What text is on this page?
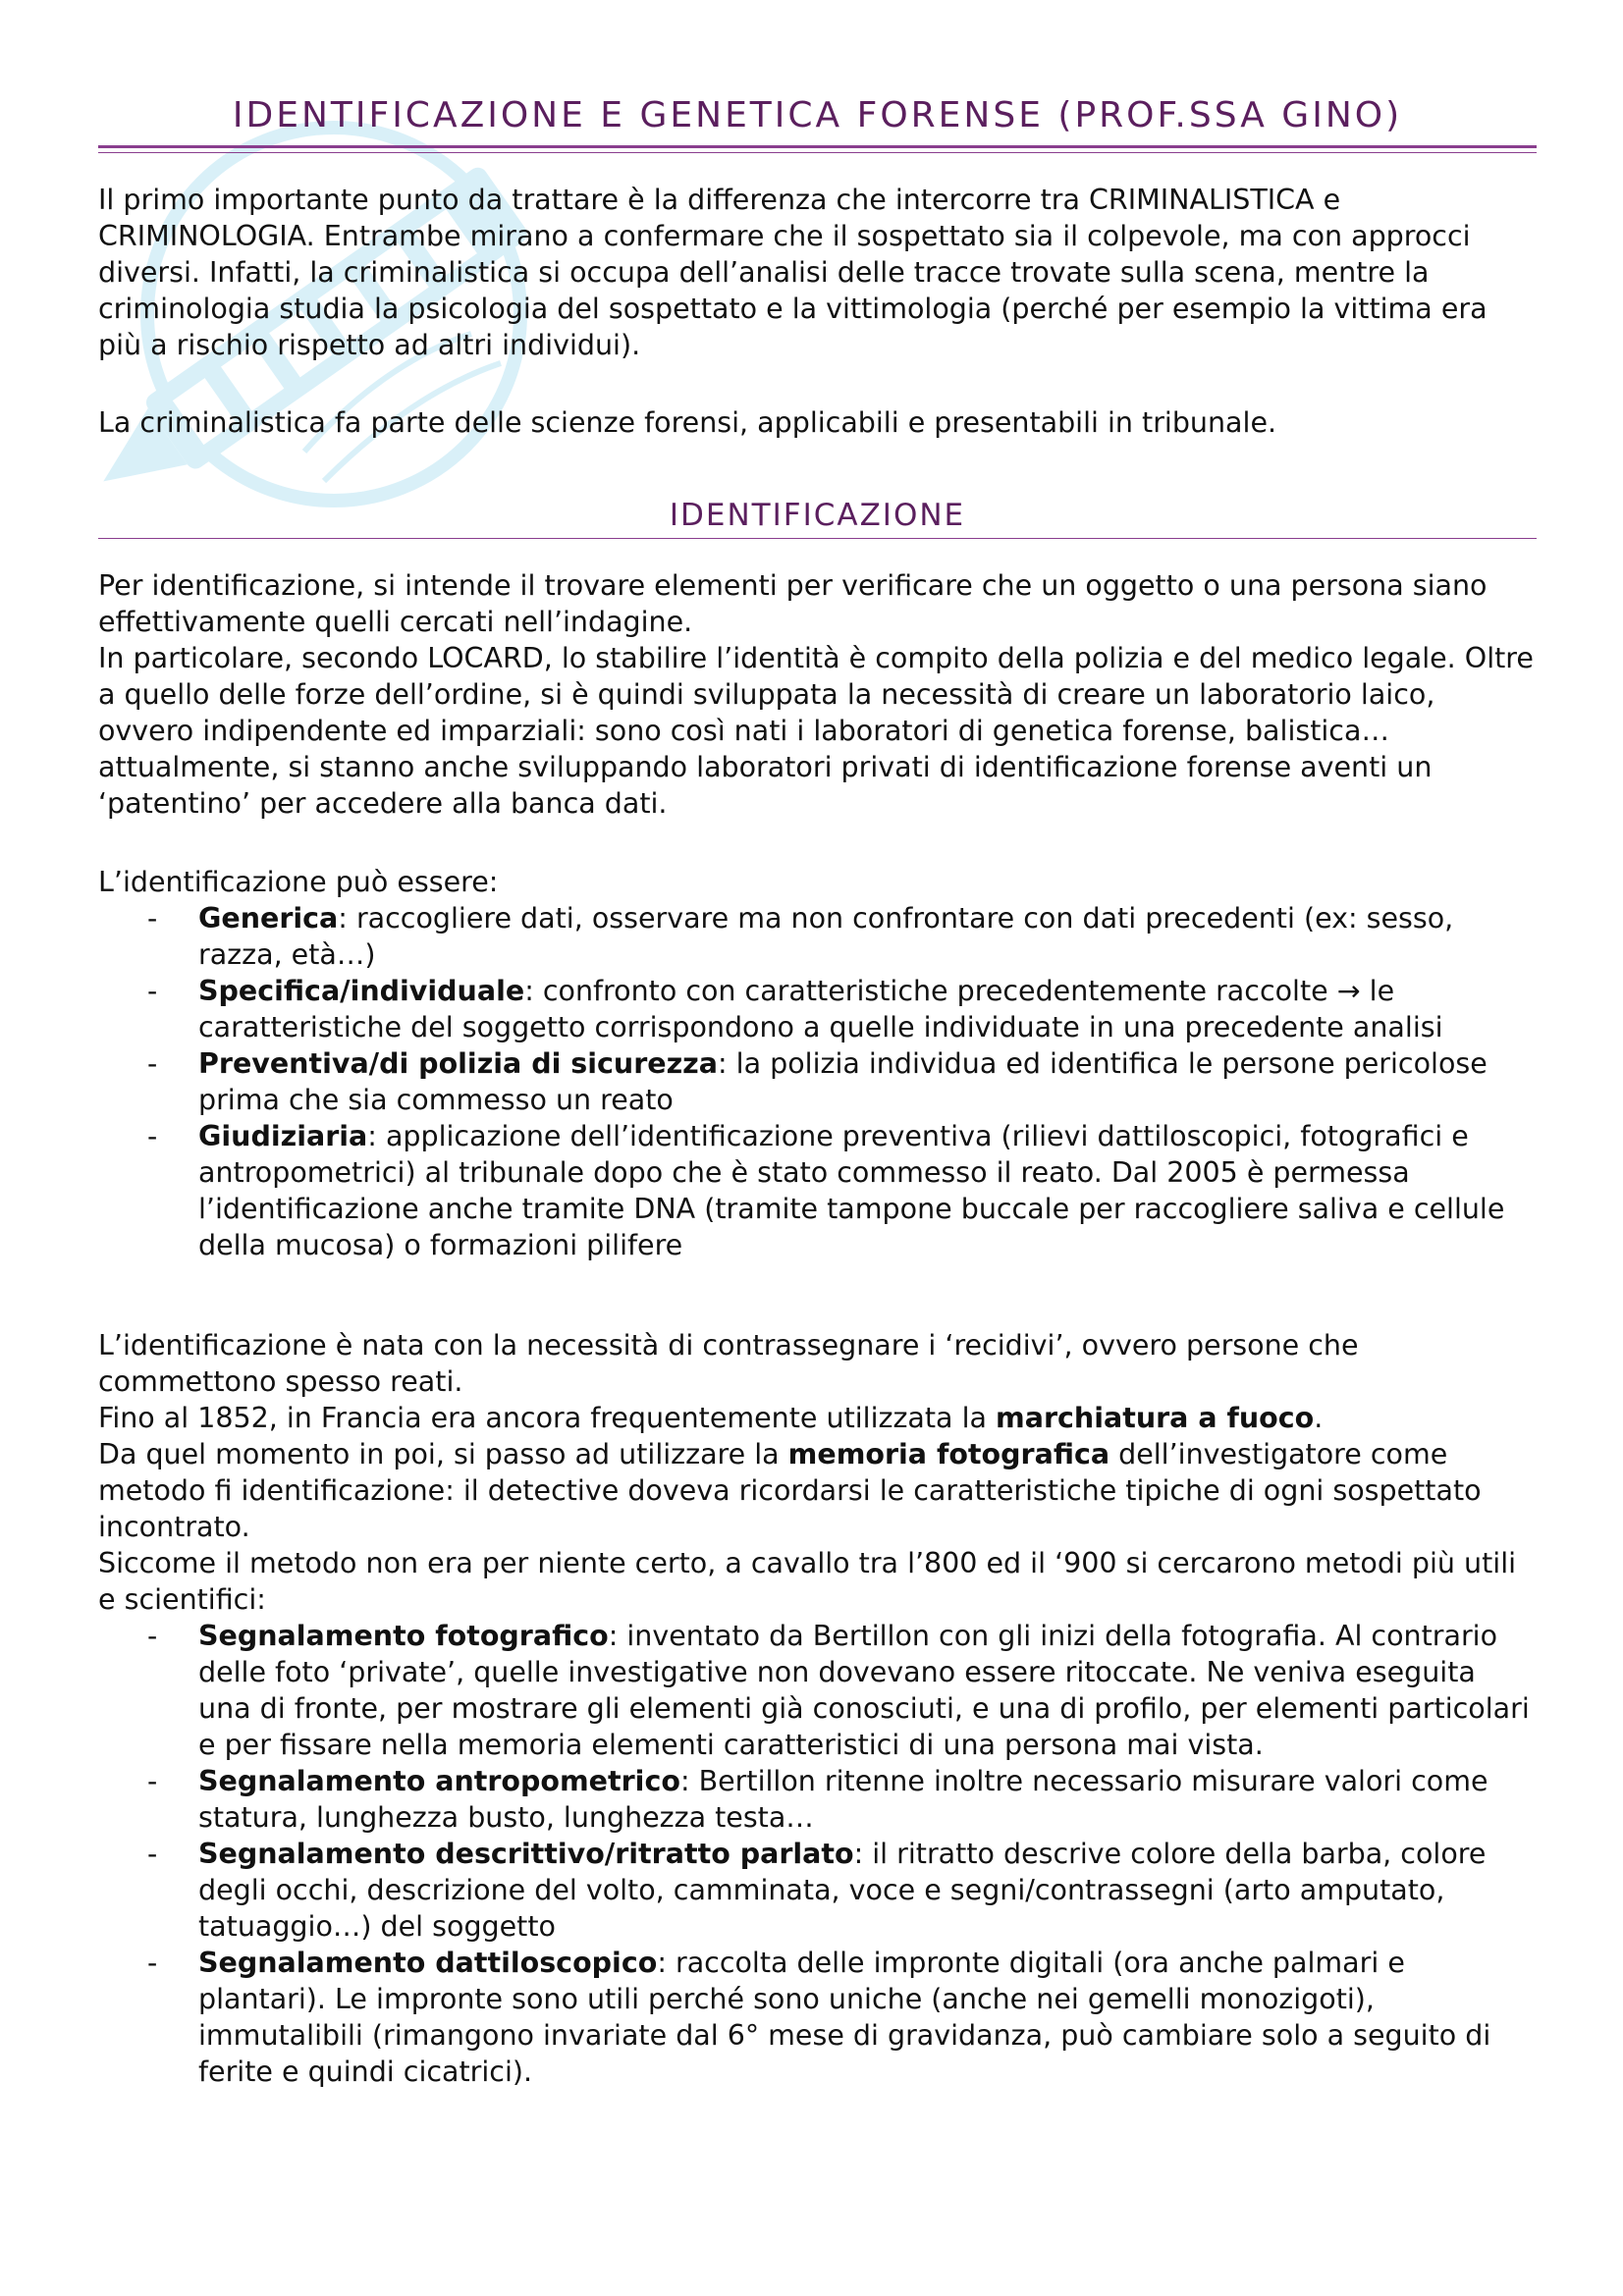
IDENTIFICAZIONE E GENETICA FORENSE (PROF.SSA GINO)

Il primo importante punto da trattare è la differenza che intercorre tra CRIMINALISTICA e CRIMINOLOGIA. Entrambe mirano a confermare che il sospettato sia il colpevole, ma con approcci diversi. Infatti, la criminalistica si occupa dell’analisi delle tracce trovate sulla scena, mentre la criminologia studia la psicologia del sospettato e la vittimologia (perché per esempio la vittima era più a rischio rispetto ad altri individui).

La criminalistica fa parte delle scienze forensi, applicabili e presentabili in tribunale.

IDENTIFICAZIONE

Per identificazione, si intende il trovare elementi per verificare che un oggetto o una persona siano effettivamente quelli cercati nell’indagine.

In particolare, secondo LOCARD, lo stabilire l’identità è compito della polizia e del medico legale. Oltre a quello delle forze dell’ordine, si è quindi sviluppata la necessità di creare un laboratorio laico, ovvero indipendente ed imparziali: sono così nati i laboratori di genetica forense, balistica… attualmente, si stanno anche sviluppando laboratori privati di identificazione forense aventi un ‘patentino’ per accedere alla banca dati.

L’identificazione può essere:

- Generica: raccogliere dati, osservare ma non confrontare con dati precedenti (ex: sesso, razza, età…)
- Specifica/individuale: confronto con caratteristiche precedentemente raccolte → le caratteristiche del soggetto corrispondono a quelle individuate in una precedente analisi
- Preventiva/di polizia di sicurezza: la polizia individua ed identifica le persone pericolose prima che sia commesso un reato
- Giudiziaria: applicazione dell’identificazione preventiva (rilievi dattiloscopici, fotografici e antropometrici) al tribunale dopo che è stato commesso il reato. Dal 2005 è permessa l’identificazione anche tramite DNA (tramite tampone buccale per raccogliere saliva e cellule della mucosa) o formazioni pilifere

L’identificazione è nata con la necessità di contrassegnare i ‘recidivi’, ovvero persone che commettono spesso reati.

Fino al 1852, in Francia era ancora frequentemente utilizzata la marchiatura a fuoco.

Da quel momento in poi, si passo ad utilizzare la memoria fotografica dell’investigatore come metodo fi identificazione: il detective doveva ricordarsi le caratteristiche tipiche di ogni sospettato incontrato.

Siccome il metodo non era per niente certo, a cavallo tra l’800 ed il ‘900 si cercarono metodi più utili e scientifici:

- Segnalamento fotografico: inventato da Bertillon con gli inizi della fotografia. Al contrario delle foto ‘private’, quelle investigative non dovevano essere ritoccate. Ne veniva eseguita una di fronte, per mostrare gli elementi già conosciuti, e una di profilo, per elementi particolari e per fissare nella memoria elementi caratteristici di una persona mai vista.
- Segnalamento antropometrico: Bertillon ritenne inoltre necessario misurare valori come statura, lunghezza busto, lunghezza testa…
- Segnalamento descrittivo/ritratto parlato: il ritratto descrive colore della barba, colore degli occhi, descrizione del volto, camminata, voce e segni/contrassegni (arto amputato, tatuaggio…) del soggetto
- Segnalamento dattiloscopico: raccolta delle impronte digitali (ora anche palmari e plantari). Le impronte sono utili perché sono uniche (anche nei gemelli monozigoti), immutalibili (rimangono invariate dal 6° mese di gravidanza, può cambiare solo a seguito di ferite e quindi cicatrici).
